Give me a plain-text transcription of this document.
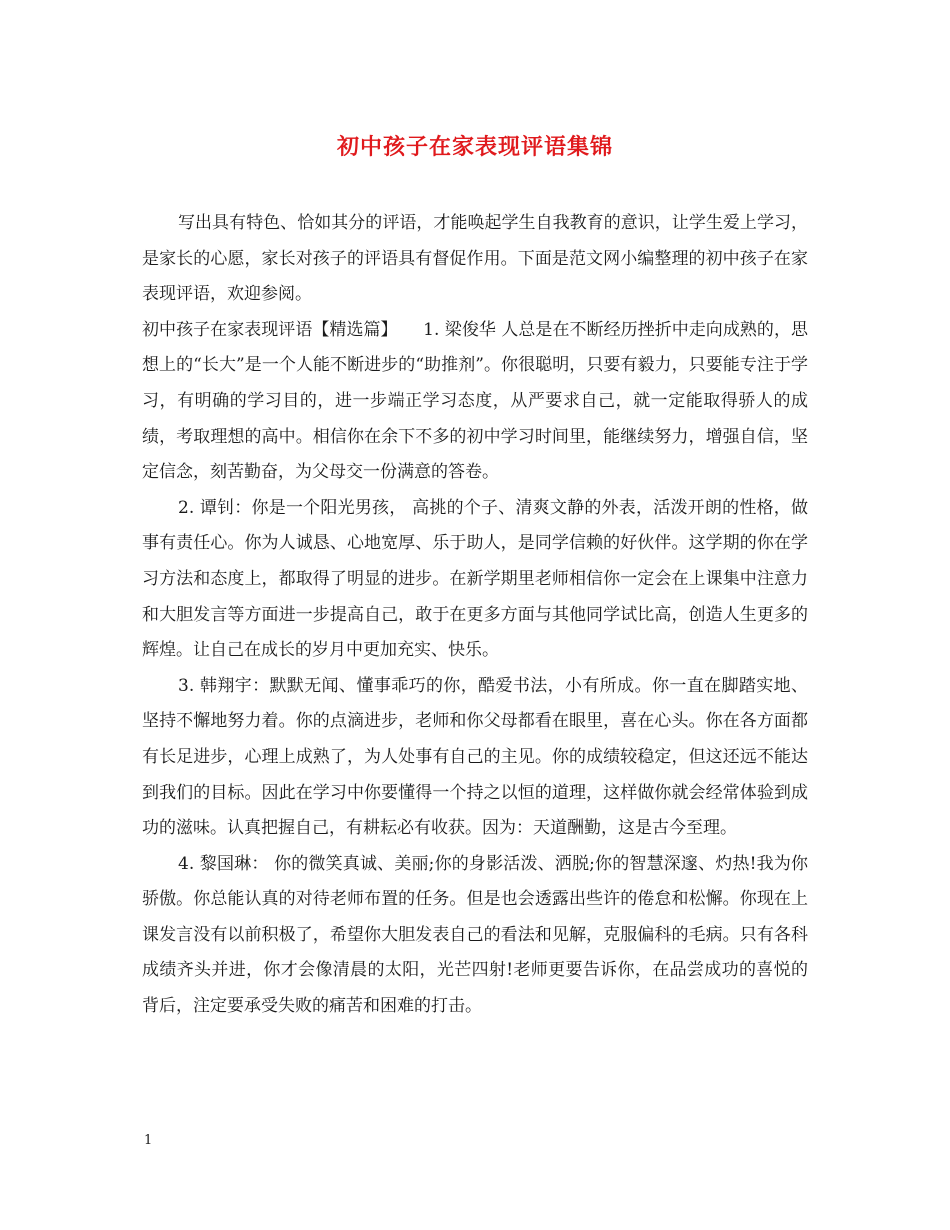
初中孩子在家表现评语集锦

写出具有特色、恰如其分的评语，才能唤起学生自我教育的意识，让学生爱上学习，是家长的心愿，家长对孩子的评语具有督促作用。下面是范文网小编整理的初中孩子在家表现评语，欢迎参阅。

初中孩子在家表现评语【精选篇】　　1. 梁俊华 人总是在不断经历挫折中走向成熟的，思想上的“长大”是一个人能不断进步的“助推剂”。你很聪明，只要有毅力，只要能专注于学习，有明确的学习目的，进一步端正学习态度，从严要求自己，就一定能取得骄人的成绩，考取理想的高中。相信你在余下不多的初中学习时间里，能继续努力，增强自信，坚定信念，刻苦勤奋，为父母交一份满意的答卷。

2. 谭钊：你是一个阳光男孩， 高挑的个子、清爽文静的外表，活泼开朗的性格，做事有责任心。你为人诚恳、心地宽厚、乐于助人，是同学信赖的好伙伴。这学期的你在学习方法和态度上，都取得了明显的进步。在新学期里老师相信你一定会在上课集中注意力和大胆发言等方面进一步提高自己，敢于在更多方面与其他同学试比高，创造人生更多的辉煌。让自己在成长的岁月中更加充实、快乐。

3. 韩翔宇：默默无闻、懂事乖巧的你，酷爱书法，小有所成。你一直在脚踏实地、坚持不懈地努力着。你的点滴进步，老师和你父母都看在眼里，喜在心头。你在各方面都有长足进步，心理上成熟了，为人处事有自己的主见。你的成绩较稳定，但这还远不能达到我们的目标。因此在学习中你要懂得一个持之以恒的道理，这样做你就会经常体验到成功的滋味。认真把握自己，有耕耘必有收获。因为：天道酬勤，这是古今至理。

4. 黎国琳： 你的微笑真诚、美丽;你的身影活泼、洒脱;你的智慧深邃、灼热!我为你骄傲。你总能认真的对待老师布置的任务。但是也会透露出些许的倦怠和松懈。你现在上课发言没有以前积极了，希望你大胆发表自己的看法和见解，克服偏科的毛病。只有各科成绩齐头并进，你才会像清晨的太阳，光芒四射!老师更要告诉你，在品尝成功的喜悦的背后，注定要承受失败的痛苦和困难的打击。

1
